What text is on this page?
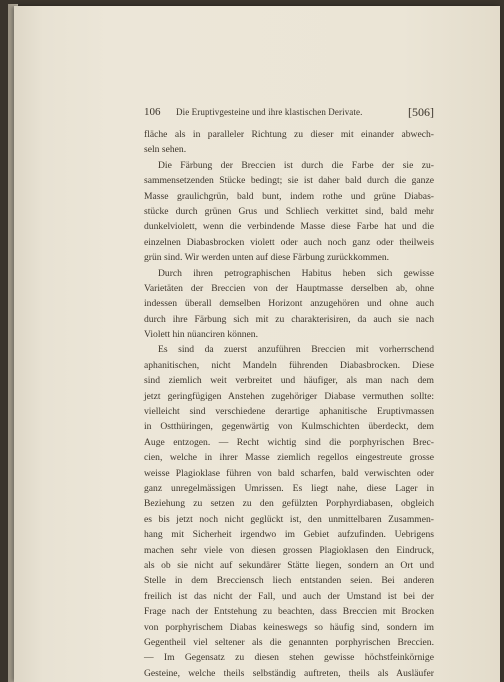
106 Die Eruptivgesteine und ihre klastischen Derivate.	[506]
fläche als in paralleler Richtung zu dieser mit einander abwech-
seln sehen.
Die Färbung der Breccien ist durch die Farbe der sie zu-
sammensetzenden Stücke bedingt; sie ist daher bald durch die ganze
Masse graulichgrün, bald bunt, indem rothe und grüne Diabas-
stücke durch grünen Grus und Schliech verkittet sind, bald mehr
dunkelviolett, wenn die verbindende Masse diese Farbe hat und die
einzelnen Diabasbrocken violett oder auch noch ganz oder theilweis
grün sind. Wir werden unten auf diese Färbung zurückkommen.
Durch ihren petrographischen Habitus heben sich gewisse
Varietäten der Breccien von der Hauptmasse derselben ab, ohne
indessen überall demselben Horizont anzugehören und ohne auch
durch ihre Färbung sich mit zu charakterisiren, da auch sie nach
Violett hin nüanciren können.
Es sind da zuerst anzuführen Breccien mit vorherrschend
aphanitischen, nicht Mandeln führenden Diabasbrocken. Diese
sind ziemlich weit verbreitet und häufiger, als man nach dem
jetzt geringfügigen Anstehen zugehöriger Diabase vermuthen sollte:
vielleicht sind verschiedene derartige aphanitische Eruptivmassen
in Ostthüringen, gegenwärtig von Kulmschichten überdeckt, dem
Auge entzogen. — Recht wichtig sind die porphyrischen Brec-
cien, welche in ihrer Masse ziemlich regellos eingestreute grosse
weisse Plagioklase führen von bald scharfen, bald verwischten oder
ganz unregelmässigen Umrissen. Es liegt nahe, diese Lager in
Beziehung zu setzen zu den gefülzten Porphyrdiabasen, obgleich
es bis jetzt noch nicht geglückt ist, den unmittelbaren Zusammen-
hang mit Sicherheit irgendwo im Gebiet aufzufinden. Uebrigens
machen sehr viele von diesen grossen Plagioklasen den Eindruck,
als ob sie nicht auf sekundärer Stätte liegen, sondern an Ort und
Stelle in dem Brecciensch liech entstanden seien. Bei anderen
freilich ist das nicht der Fall, und auch der Umstand ist bei der
Frage nach der Entstehung zu beachten, dass Breccien mit Brocken
von porphyrischem Diabas keineswegs so häufig sind, sondern im
Gegentheil viel seltener als die genannten porphyrischen Breccien.
— Im Gegensatz zu diesen stehen gewisse höchstfeinkörnige
Gesteine, welche theils selbständig auftreten, theils als Ausläufer
